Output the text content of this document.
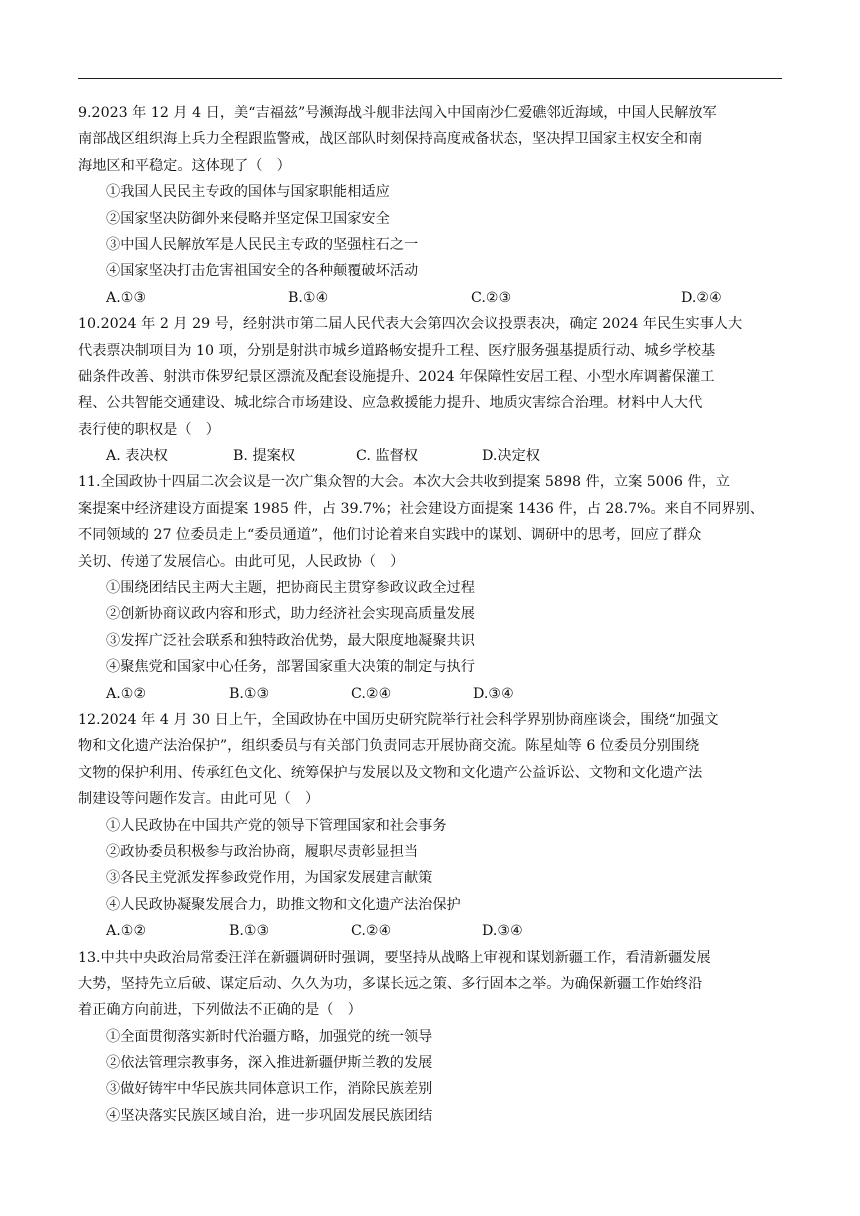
9.2023 年 12 月 4 日，美“吉福兹”号濒海战斗舰非法闯入中国南沙仁爱礁邻近海域，中国人民解放军
南部战区组织海上兵力全程跟监警戒，战区部队时刻保持高度戒备状态，坚决捍卫国家主权安全和南
海地区和平稳定。这体现了（　）
①我国人民民主专政的国体与国家职能相适应
②国家坚决防御外来侵略并坚定保卫国家安全
③中国人民解放军是人民民主专政的坚强柱石之一
④国家坚决打击危害祖国安全的各种颠覆破坏活动
A.①③	B.①④	C.②③	D.②④
10.2024 年 2 月 29 号，经射洪市第二届人民代表大会第四次会议投票表决，确定 2024 年民生实事人大
代表票决制项目为 10 项，分别是射洪市城乡道路畅安提升工程、医疗服务强基提质行动、城乡学校基
础条件改善、射洪市侏罗纪景区漂流及配套设施提升、2024 年保障性安居工程、小型水库调蓄保灌工
程、公共智能交通建设、城北综合市场建设、应急救援能力提升、地质灾害综合治理。材料中人大代
表行使的职权是（　）
A. 表决权	B. 提案权	C. 监督权	D.决定权
11.全国政协十四届二次会议是一次广集众智的大会。本次大会共收到提案 5898 件，立案 5006 件，立
案提案中经济建设方面提案 1985 件，占 39.7%；社会建设方面提案 1436 件，占 28.7%。来自不同界别、
不同领域的 27 位委员走上“委员通道”，他们讨论着来自实践中的谋划、调研中的思考，回应了群众
关切、传递了发展信心。由此可见，人民政协（　）
①围绕团结民主两大主题，把协商民主贯穿参政议政全过程
②创新协商议政内容和形式，助力经济社会实现高质量发展
③发挥广泛社会联系和独特政治优势，最大限度地凝聚共识
④聚焦党和国家中心任务，部署国家重大决策的制定与执行
A.①②	B.①③	C.②④	D.③④
12.2024 年 4 月 30 日上午，全国政协在中国历史研究院举行社会科学界别协商座谈会，围绕“加强文
物和文化遗产法治保护”，组织委员与有关部门负责同志开展协商交流。陈星灿等 6 位委员分别围绕
文物的保护利用、传承红色文化、统筹保护与发展以及文物和文化遗产公益诉讼、文物和文化遗产法
制建设等问题作发言。由此可见（　）
①人民政协在中国共产党的领导下管理国家和社会事务
②政协委员积极参与政治协商，履职尽责彰显担当
③各民主党派发挥参政党作用，为国家发展建言献策
④人民政协凝聚发展合力，助推文物和文化遗产法治保护
A.①②	B.①③	C.②④	D.③④
13.中共中央政治局常委汪洋在新疆调研时强调，要坚持从战略上审视和谋划新疆工作，看清新疆发展
大势，坚持先立后破、谋定后动、久久为功，多谋长远之策、多行固本之举。为确保新疆工作始终沿
着正确方向前进，下列做法不正确的是（　）
①全面贯彻落实新时代治疆方略，加强党的统一领导
②依法管理宗教事务，深入推进新疆伊斯兰教的发展
③做好铸牢中华民族共同体意识工作，消除民族差别
④坚决落实民族区域自治，进一步巩固发展民族团结
